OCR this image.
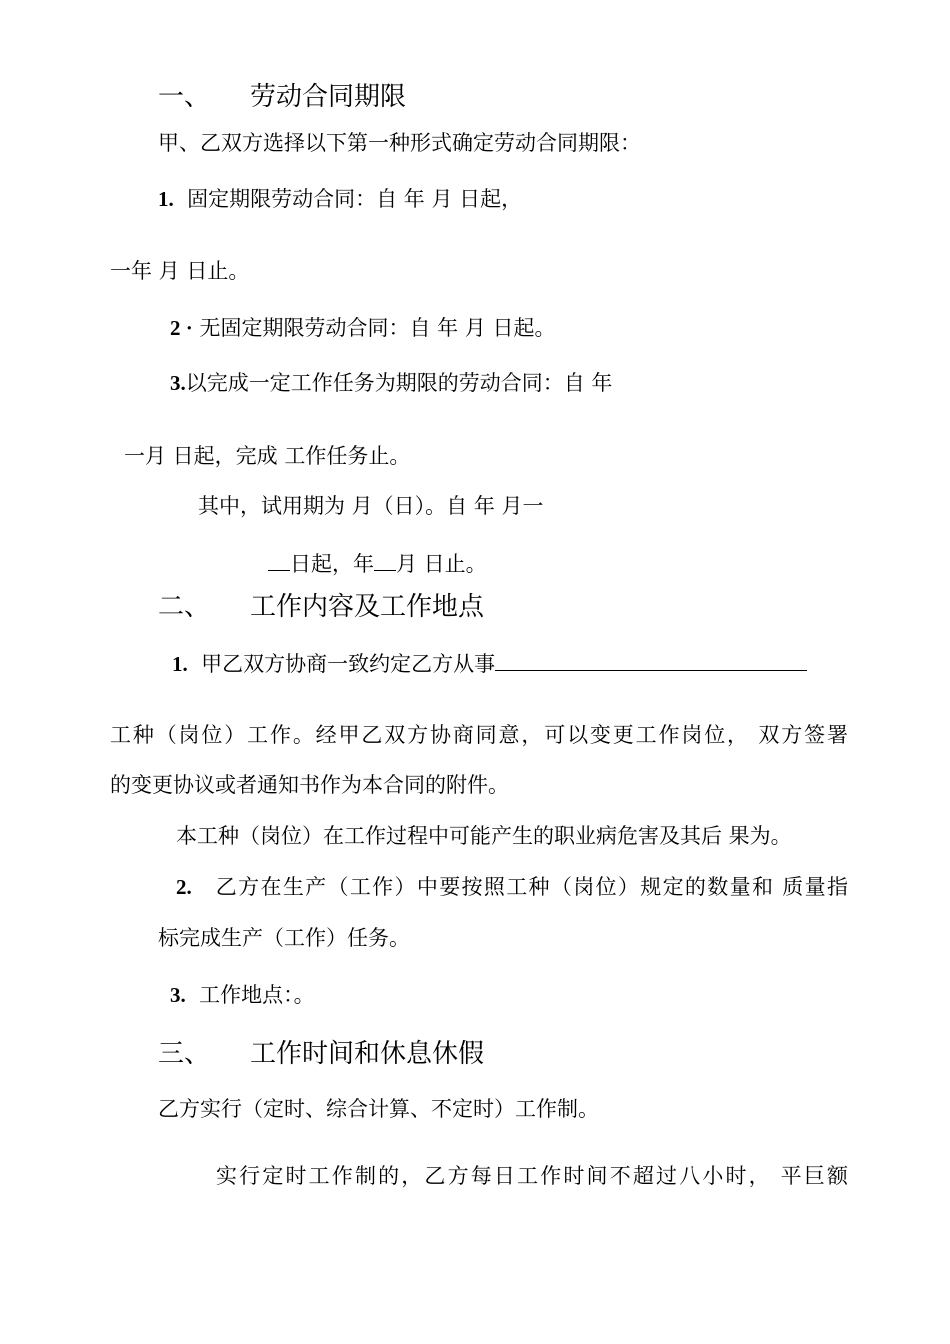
一、 劳动合同期限
甲、乙双方选择以下第一种形式确定劳动合同期限：
1. 固定期限劳动合同：自 年 月 日起，
一年 月 日止。
2 · 无固定期限劳动合同：自 年 月 日起。
3.以完成一定工作任务为期限的劳动合同：自 年
一月 日起，完成 工作任务止。
其中，试用期为 月（日）。自 年 月一
日起，年 月 日止。
二、 工作内容及工作地点
1. 甲乙双方协商一致约定乙方从事
工种（岗位）工作。经甲乙双方协商同意，可以变更工作岗位， 双方签署
的变更协议或者通知书作为本合同的附件。
本工种（岗位）在工作过程中可能产生的职业病危害及其后 果为。
2. 乙方在生产（工作）中要按照工种（岗位）规定的数量和 质量指
标完成生产（工作）任务。
3. 工作地点：。
三、 工作时间和休息休假
乙方实行（定时、综合计算、不定时）工作制。
实行定时工作制的，乙方每日工作时间不超过八小时， 平巨额
